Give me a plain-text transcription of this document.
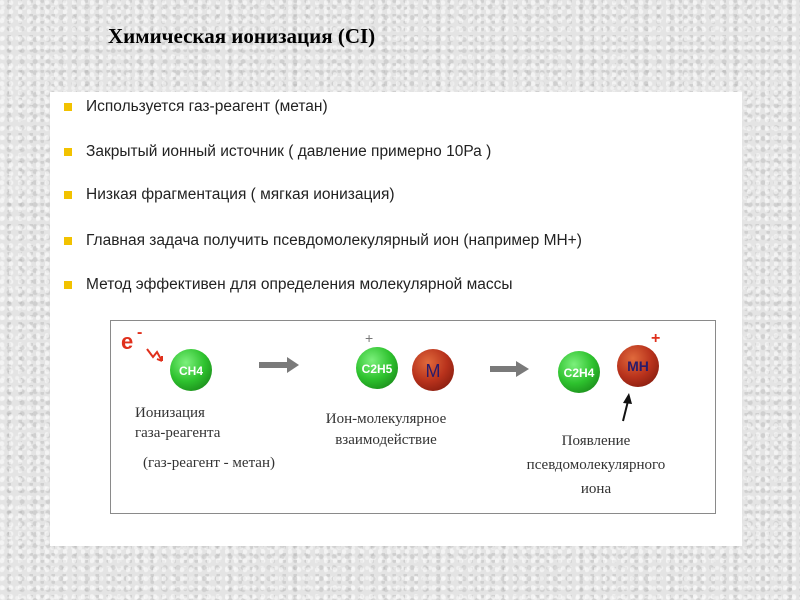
Химическая ионизация (CI)
Используется газ-реагент (метан)
Закрытый ионный источник ( давление примерно 10Ра )
Низкая фрагментация ( мягкая ионизация)
Главная задача получить псевдомолекулярный ион (например MH+)
Метод эффективен для определения молекулярной массы
e -
CH4
+
C2H5 M	C2H4 MH
+
Ионизация
газа-реагента
(газ-реагент - метан)
Ион-молекулярное
взаимодействие	Появление
псевдомолекулярного
иона
